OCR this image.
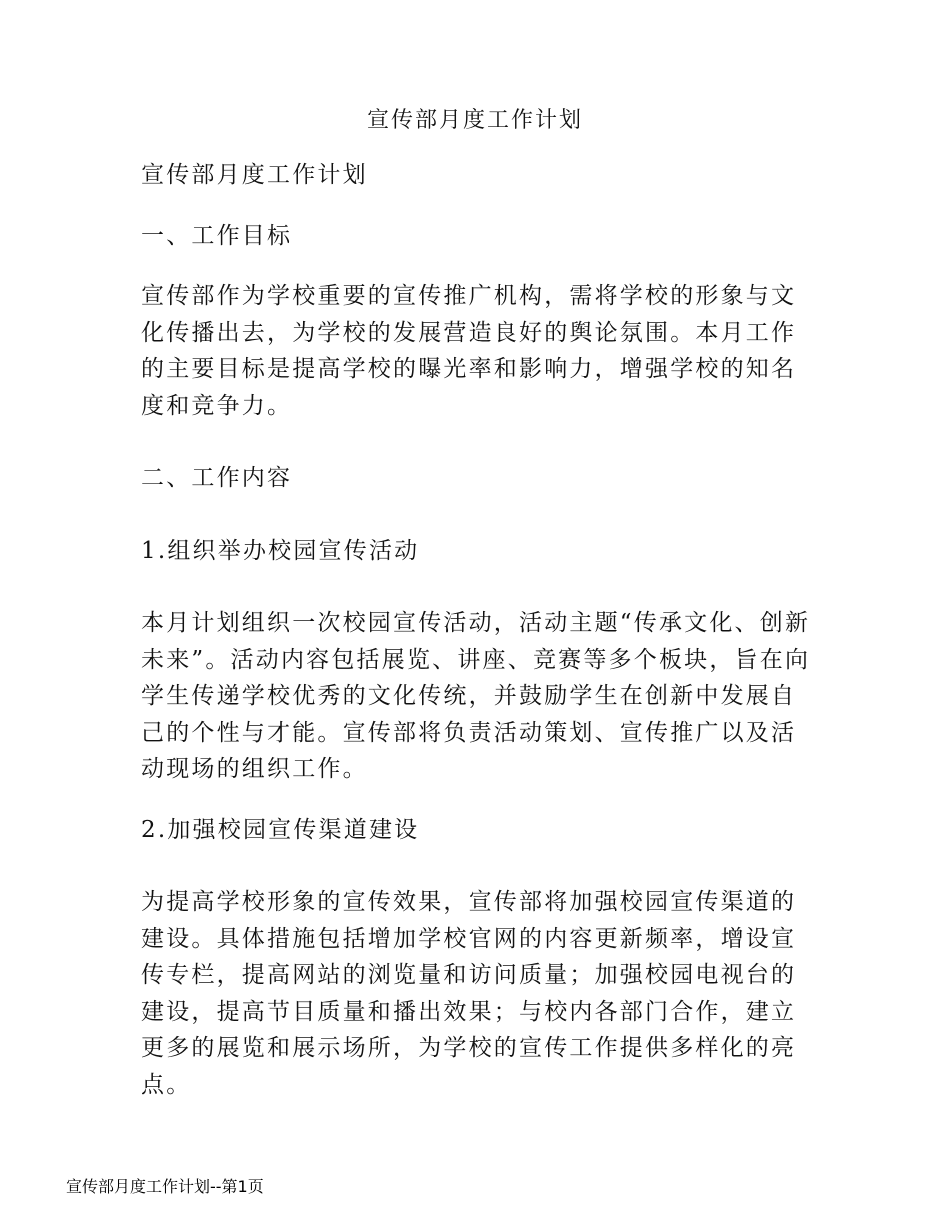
宣传部月度工作计划

宣传部月度工作计划

一、工作目标

宣传部作为学校重要的宣传推广机构，需将学校的形象与文化传播出去，为学校的发展营造良好的舆论氛围。本月工作的主要目标是提高学校的曝光率和影响力，增强学校的知名度和竞争力。

二、工作内容

1.组织举办校园宣传活动

本月计划组织一次校园宣传活动，活动主题“传承文化、创新未来”。活动内容包括展览、讲座、竞赛等多个板块，旨在向学生传递学校优秀的文化传统，并鼓励学生在创新中发展自己的个性与才能。宣传部将负责活动策划、宣传推广以及活动现场的组织工作。

2.加强校园宣传渠道建设

为提高学校形象的宣传效果，宣传部将加强校园宣传渠道的建设。具体措施包括增加学校官网的内容更新频率，增设宣传专栏，提高网站的浏览量和访问质量；加强校园电视台的建设，提高节目质量和播出效果；与校内各部门合作，建立更多的展览和展示场所，为学校的宣传工作提供多样化的亮点。

宣传部月度工作计划--第1页
